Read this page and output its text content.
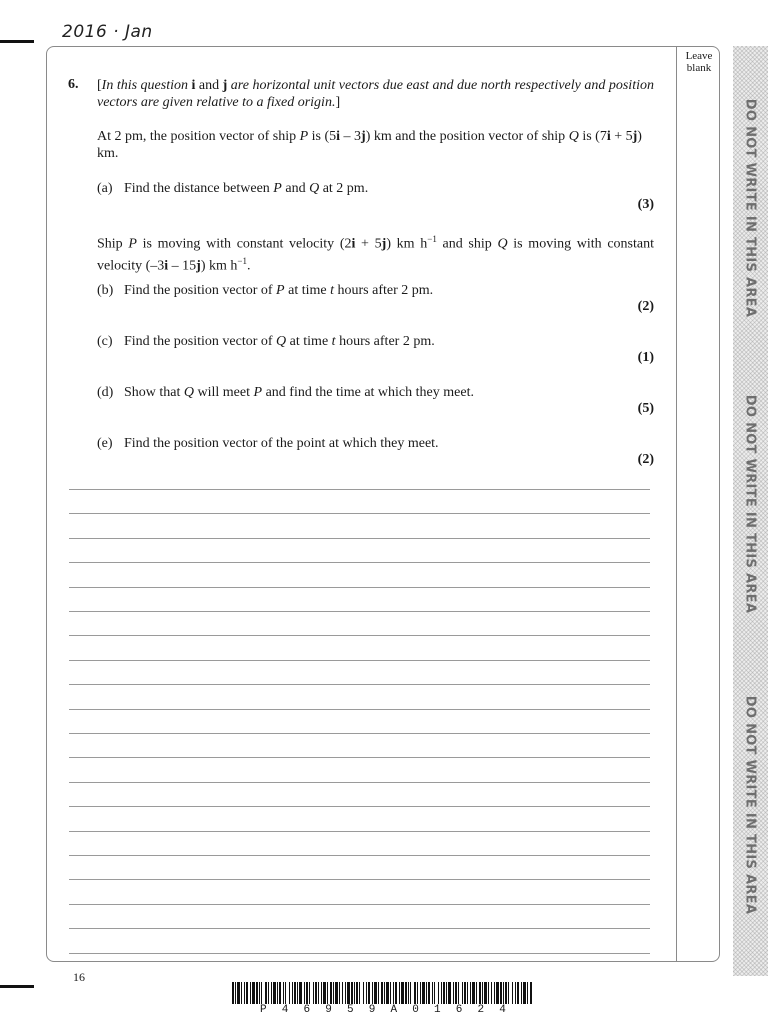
2016 · Jan
Leave
blank
DO NOT WRITE IN THIS AREA
DO NOT WRITE IN THIS AREA
DO NOT WRITE IN THIS AREA
6. [In this question i and j are horizontal unit vectors due east and due north respectively and position vectors are given relative to a fixed origin.]
At 2 pm, the position vector of ship P is (5i – 3j) km and the position vector of ship Q is (7i + 5j) km.
(a) Find the distance between P and Q at 2 pm.
(3)
Ship P is moving with constant velocity (2i + 5j) km $h^{-1}$ and ship Q is moving with constant velocity (–3i – 15j) km $h^{-1}$.
(b) Find the position vector of P at time t hours after 2 pm.
(2)
(c) Find the position vector of Q at time t hours after 2 pm.
(1)
(d) Show that Q will meet P and find the time at which they meet.
(5)
(e) Find the position vector of the point at which they meet.
(2)
16
P 4 6 9 5 9 A 0 1 6 2 4
